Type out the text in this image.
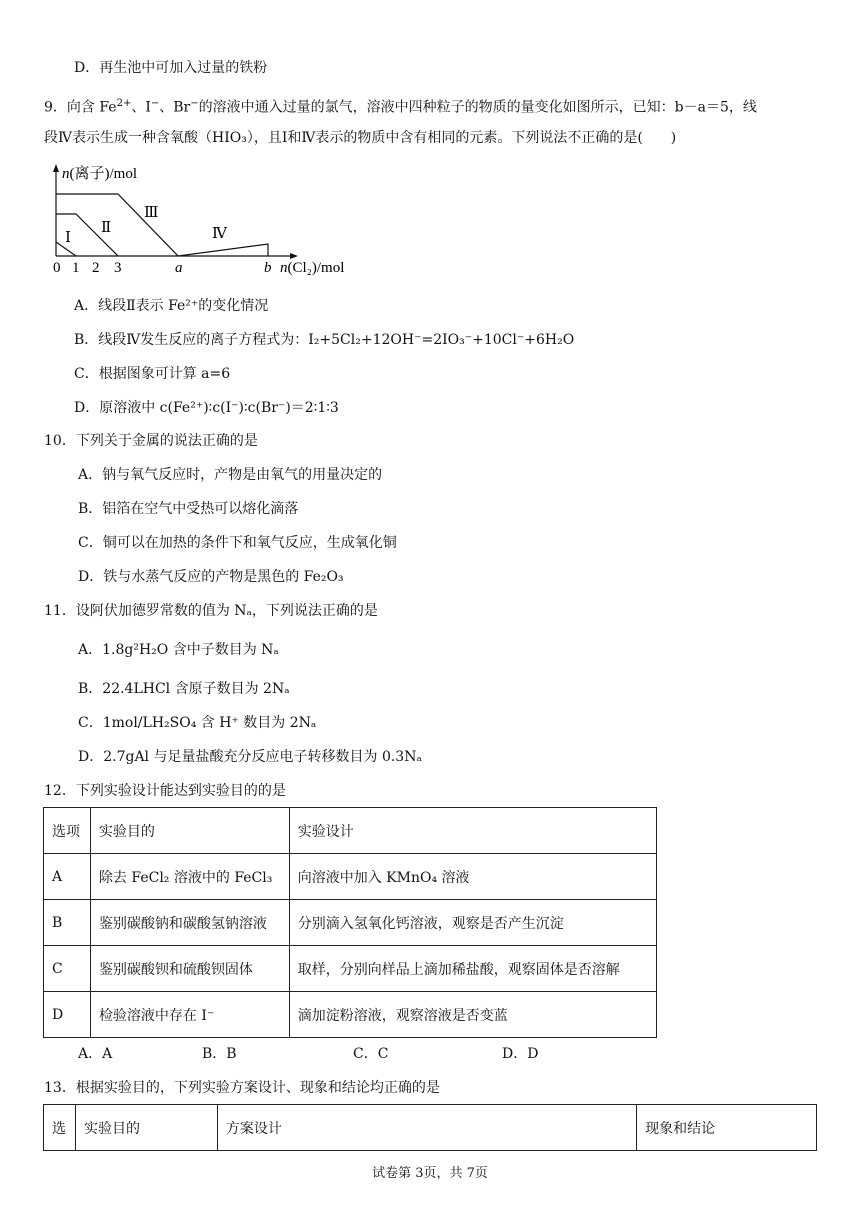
D．再生池中可加入过量的铁粉
9．向含 $Fe^{2+}$、I−、Br−的溶液中通入过量的氯气，溶液中四种粒子的物质的量变化如图所示，已知：b－a＝5，线
段Ⅳ表示生成一种含氧酸（HIO₃），且Ⅰ和Ⅳ表示的物质中含有相同的元素。下列说法不正确的是(　　)
n(离子)/mol
n(Cl₂)/mol
Ⅰ
Ⅱ
Ⅲ
Ⅳ
0 1 2 3	a	b
A．线段Ⅱ表示 Fe²⁺的变化情况
B．线段Ⅳ发生反应的离子方程式为：I₂+5Cl₂+12OH⁻=2IO₃⁻+10Cl⁻+6H₂O
C．根据图象可计算 a=6
D．原溶液中 c(Fe²⁺)∶c(I⁻)∶c(Br⁻)＝2∶1∶3
10．下列关于金属的说法正确的是
A．钠与氧气反应时，产物是由氧气的用量决定的
B．铝箔在空气中受热可以熔化滴落
C．铜可以在加热的条件下和氧气反应，生成氧化铜
D．铁与水蒸气反应的产物是黑色的 Fe₂O₃
11．设阿伏加德罗常数的值为 Nₐ，下列说法正确的是
A．1.8g²H₂O 含中子数目为 Nₐ
B．22.4LHCl 含原子数目为 2Nₐ
C．1mol/LH₂SO₄ 含 H⁺ 数目为 2Nₐ
D．2.7gAl 与足量盐酸充分反应电子转移数目为 0.3Nₐ
12．下列实验设计能达到实验目的的是
选项	实验目的	实验设计
A	除去 FeCl₂ 溶液中的 FeCl₃	向溶液中加入 KMnO₄ 溶液
B	鉴别碳酸钠和碳酸氢钠溶液	分别滴入氢氧化钙溶液，观察是否产生沉淀
C	鉴别碳酸钡和硫酸钡固体	取样，分别向样品上滴加稀盐酸，观察固体是否溶解
D	检验溶液中存在 I⁻	滴加淀粉溶液，观察溶液是否变蓝
A．A	B．B	C．C	D．D
13．根据实验目的，下列实验方案设计、现象和结论均正确的是
选	实验目的	方案设计	现象和结论
试卷第 3页，共 7页
